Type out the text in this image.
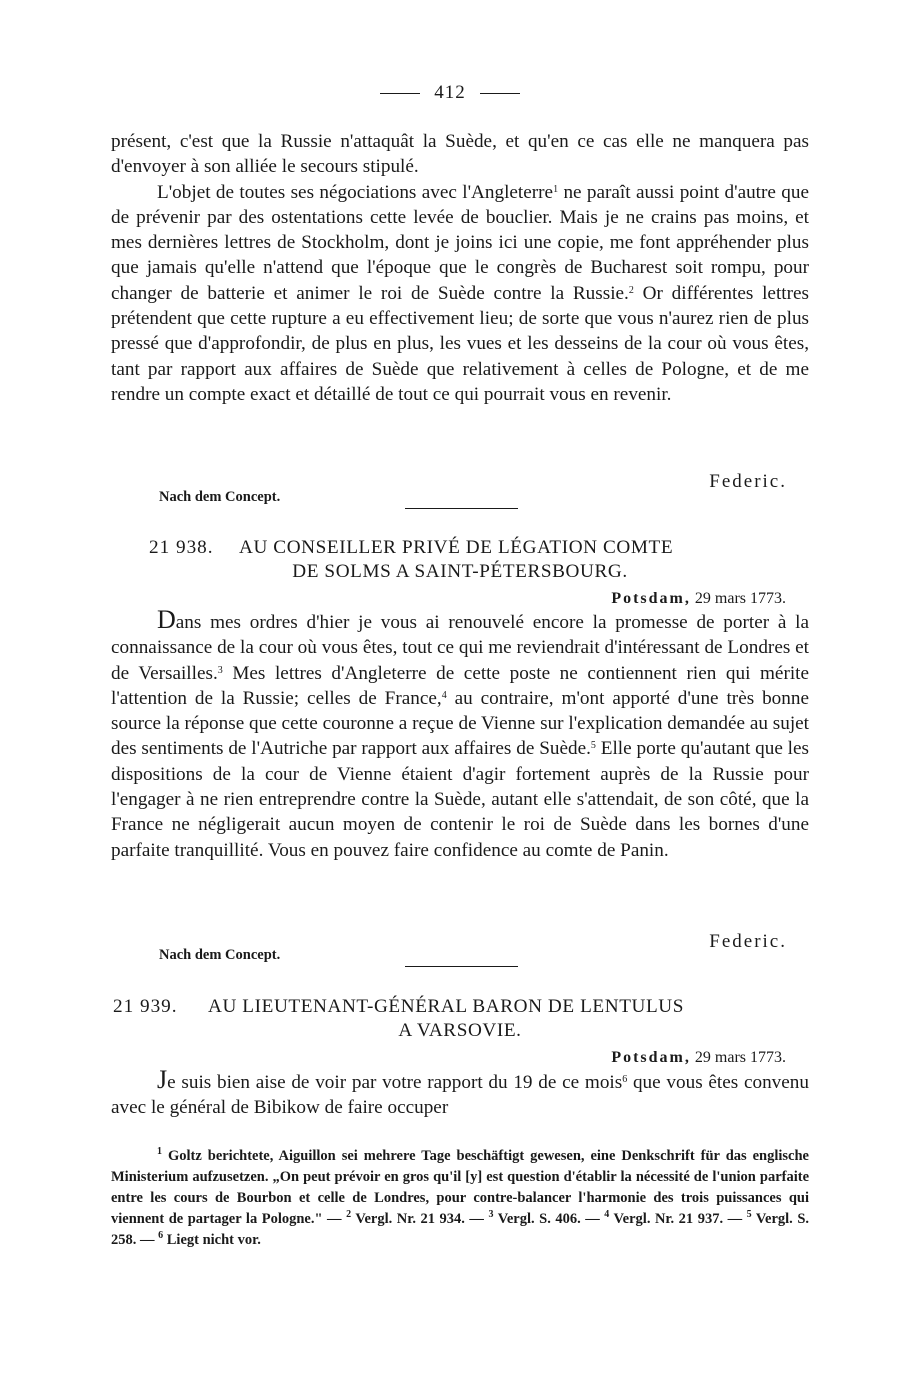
412

présent, c'est que la Russie n'attaquât la Suède, et qu'en ce cas elle ne manquera pas d'envoyer à son alliée le secours stipulé.

L'objet de toutes ses négociations avec l'Angleterre$^1$ ne paraît aussi point d'autre que de prévenir par des ostentations cette levée de bouclier. Mais je ne crains pas moins, et mes dernières lettres de Stockholm, dont je joins ici une copie, me font appréhender plus que jamais qu'elle n'attend que l'époque que le congrès de Bucharest soit rompu, pour changer de batterie et animer le roi de Suède contre la Russie.$^2$ Or différentes lettres prétendent que cette rupture a eu effectivement lieu; de sorte que vous n'aurez rien de plus pressé que d'approfondir, de plus en plus, les vues et les desseins de la cour où vous êtes, tant par rapport aux affaires de Suède que relativement à celles de Pologne, et de me rendre un compte exact et détaillé de tout ce qui pourrait vous en revenir.

Federic.
Nach dem Concept.
21 938. AU CONSEILLER PRIVÉ DE LÉGATION COMTE
DE SOLMS A SAINT-PÉTERSBOURG.
Potsdam, 29 mars 1773.

Dans mes ordres d'hier je vous ai renouvelé encore la promesse de porter à la connaissance de la cour où vous êtes, tout ce qui me reviendrait d'intéressant de Londres et de Versailles.$^3$ Mes lettres d'Angleterre de cette poste ne contiennent rien qui mérite l'attention de la Russie; celles de France,$^4$ au contraire, m'ont apporté d'une très bonne source la réponse que cette couronne a reçue de Vienne sur l'explication demandée au sujet des sentiments de l'Autriche par rapport aux affaires de Suède.$^5$ Elle porte qu'autant que les dispositions de la cour de Vienne étaient d'agir fortement auprès de la Russie pour l'engager à ne rien entreprendre contre la Suède, autant elle s'attendait, de son côté, que la France ne négligerait aucun moyen de contenir le roi de Suède dans les bornes d'une parfaite tranquillité. Vous en pouvez faire confidence au comte de Panin.

Federic.
Nach dem Concept.
21 939. AU LIEUTENANT-GÉNÉRAL BARON DE LENTULUS
A VARSOVIE.
Potsdam, 29 mars 1773.

Je suis bien aise de voir par votre rapport du 19 de ce mois$^6$ que vous êtes convenu avec le général de Bibikow de faire occuper

$^1$ Goltz berichtete, Aiguillon sei mehrere Tage beschäftigt gewesen, eine Denkschrift für das englische Ministerium aufzusetzen. „On peut prévoir en gros qu'il [y] est question d'établir la nécessité de l'union parfaite entre les cours de Bourbon et celle de Londres, pour contre-balancer l'harmonie des trois puissances qui viennent de partager la Pologne." — $^2$ Vergl. Nr. 21 934. — $^3$ Vergl. S. 406. — $^4$ Vergl. Nr. 21 937. — $^5$ Vergl. S. 258. — $^6$ Liegt nicht vor.
